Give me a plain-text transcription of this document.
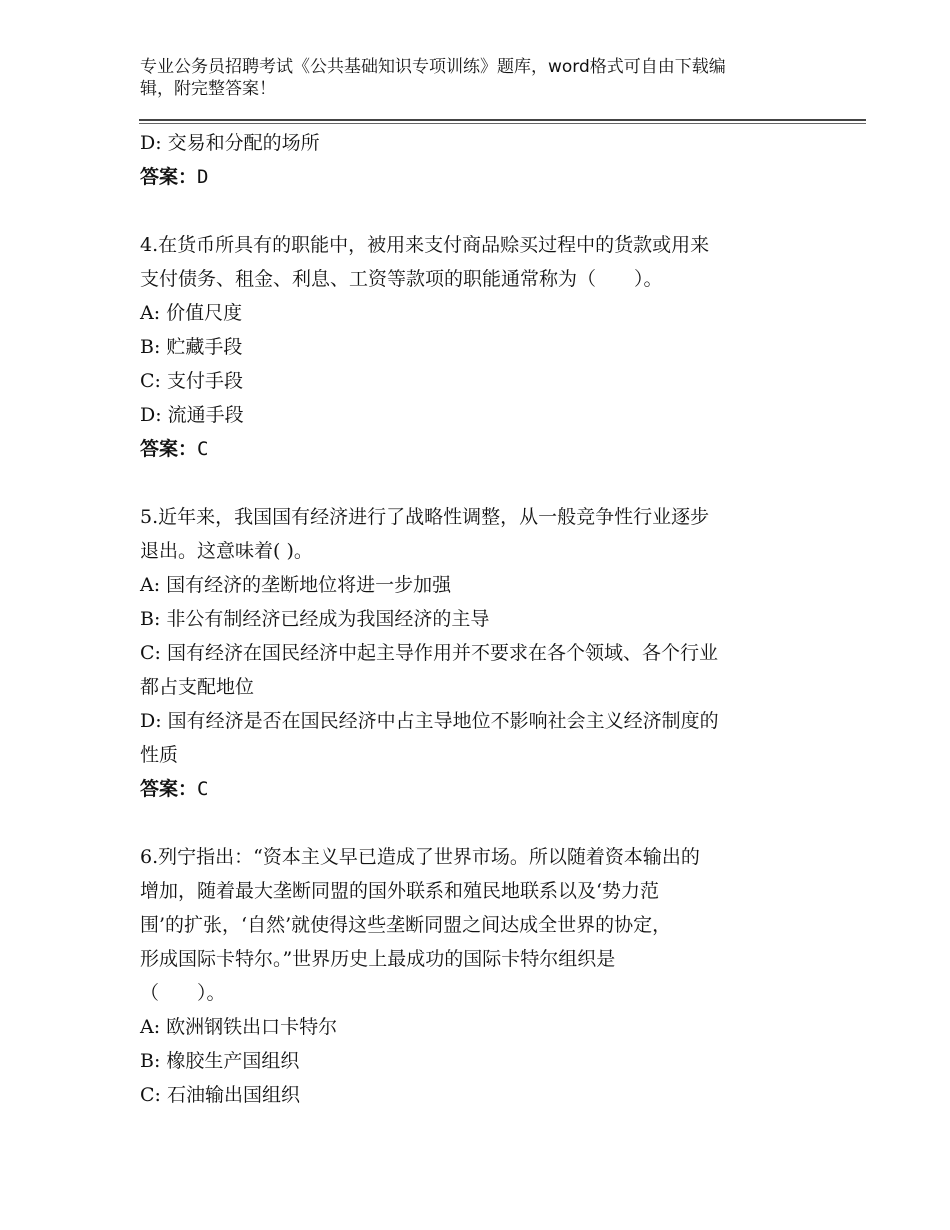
专业公务员招聘考试《公共基础知识专项训练》题库，word格式可自由下载编
辑，附完整答案！

D: 交易和分配的场所

答案：D

4.在货币所具有的职能中，被用来支付商品赊买过程中的货款或用来

支付债务、租金、利息、工资等款项的职能通常称为（　　）。

A: 价值尺度

B: 贮藏手段

C: 支付手段

D: 流通手段

答案：C

5.近年来，我国国有经济进行了战略性调整，从一般竞争性行业逐步

退出。这意味着( )。

A: 国有经济的垄断地位将进一步加强

B: 非公有制经济已经成为我国经济的主导

C: 国有经济在国民经济中起主导作用并不要求在各个领域、各个行业

都占支配地位

D: 国有经济是否在国民经济中占主导地位不影响社会主义经济制度的

性质

答案：C

6.列宁指出：“资本主义早已造成了世界市场。所以随着资本输出的

增加，随着最大垄断同盟的国外联系和殖民地联系以及‘势力范

围’的扩张，‘自然’就使得这些垄断同盟之间达成全世界的协定，

形成国际卡特尔。”世界历史上最成功的国际卡特尔组织是

（　　）。

A: 欧洲钢铁出口卡特尔

B: 橡胶生产国组织

C: 石油输出国组织
